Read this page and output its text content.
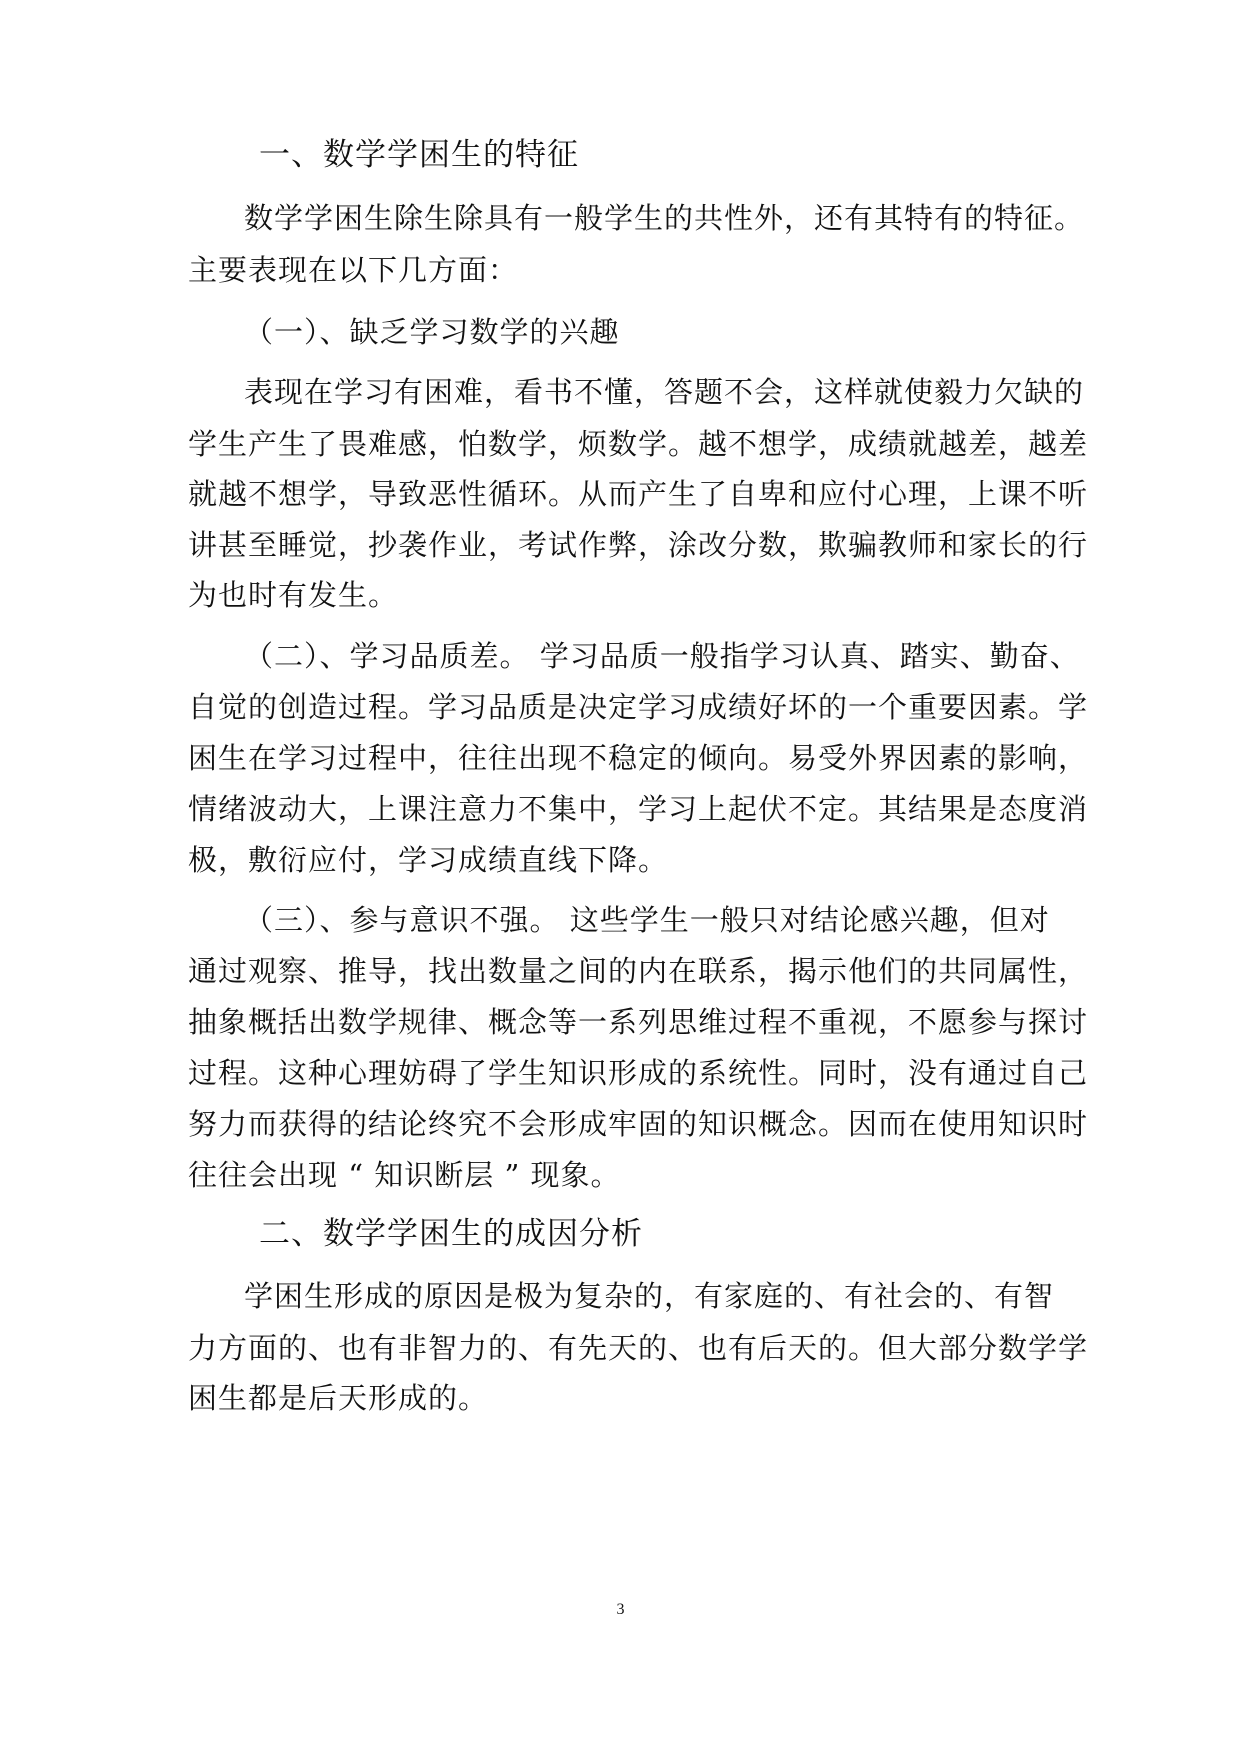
一、数学学困生的特征
数学学困生除生除具有一般学生的共性外，还有其特有的特征。
主要表现在以下几方面：
（一）、缺乏学习数学的兴趣
表现在学习有困难，看书不懂，答题不会，这样就使毅力欠缺的
学生产生了畏难感，怕数学，烦数学。越不想学，成绩就越差，越差
就越不想学，导致恶性循环。从而产生了自卑和应付心理，上课不听
讲甚至睡觉，抄袭作业，考试作弊，涂改分数，欺骗教师和家长的行
为也时有发生。
（二）、学习品质差。 学习品质一般指学习认真、踏实、勤奋、
自觉的创造过程。学习品质是决定学习成绩好坏的一个重要因素。学
困生在学习过程中，往往出现不稳定的倾向。易受外界因素的影响，
情绪波动大，上课注意力不集中，学习上起伏不定。其结果是态度消
极，敷衍应付，学习成绩直线下降。
（三）、参与意识不强。 这些学生一般只对结论感兴趣，但对
通过观察、推导，找出数量之间的内在联系，揭示他们的共同属性，
抽象概括出数学规律、概念等一系列思维过程不重视，不愿参与探讨
过程。这种心理妨碍了学生知识形成的系统性。同时，没有通过自己
努力而获得的结论终究不会形成牢固的知识概念。因而在使用知识时
往往会出现 “ 知识断层 ” 现象。
二、数学学困生的成因分析
学困生形成的原因是极为复杂的，有家庭的、有社会的、有智
力方面的、也有非智力的、有先天的、也有后天的。但大部分数学学
困生都是后天形成的。
3
